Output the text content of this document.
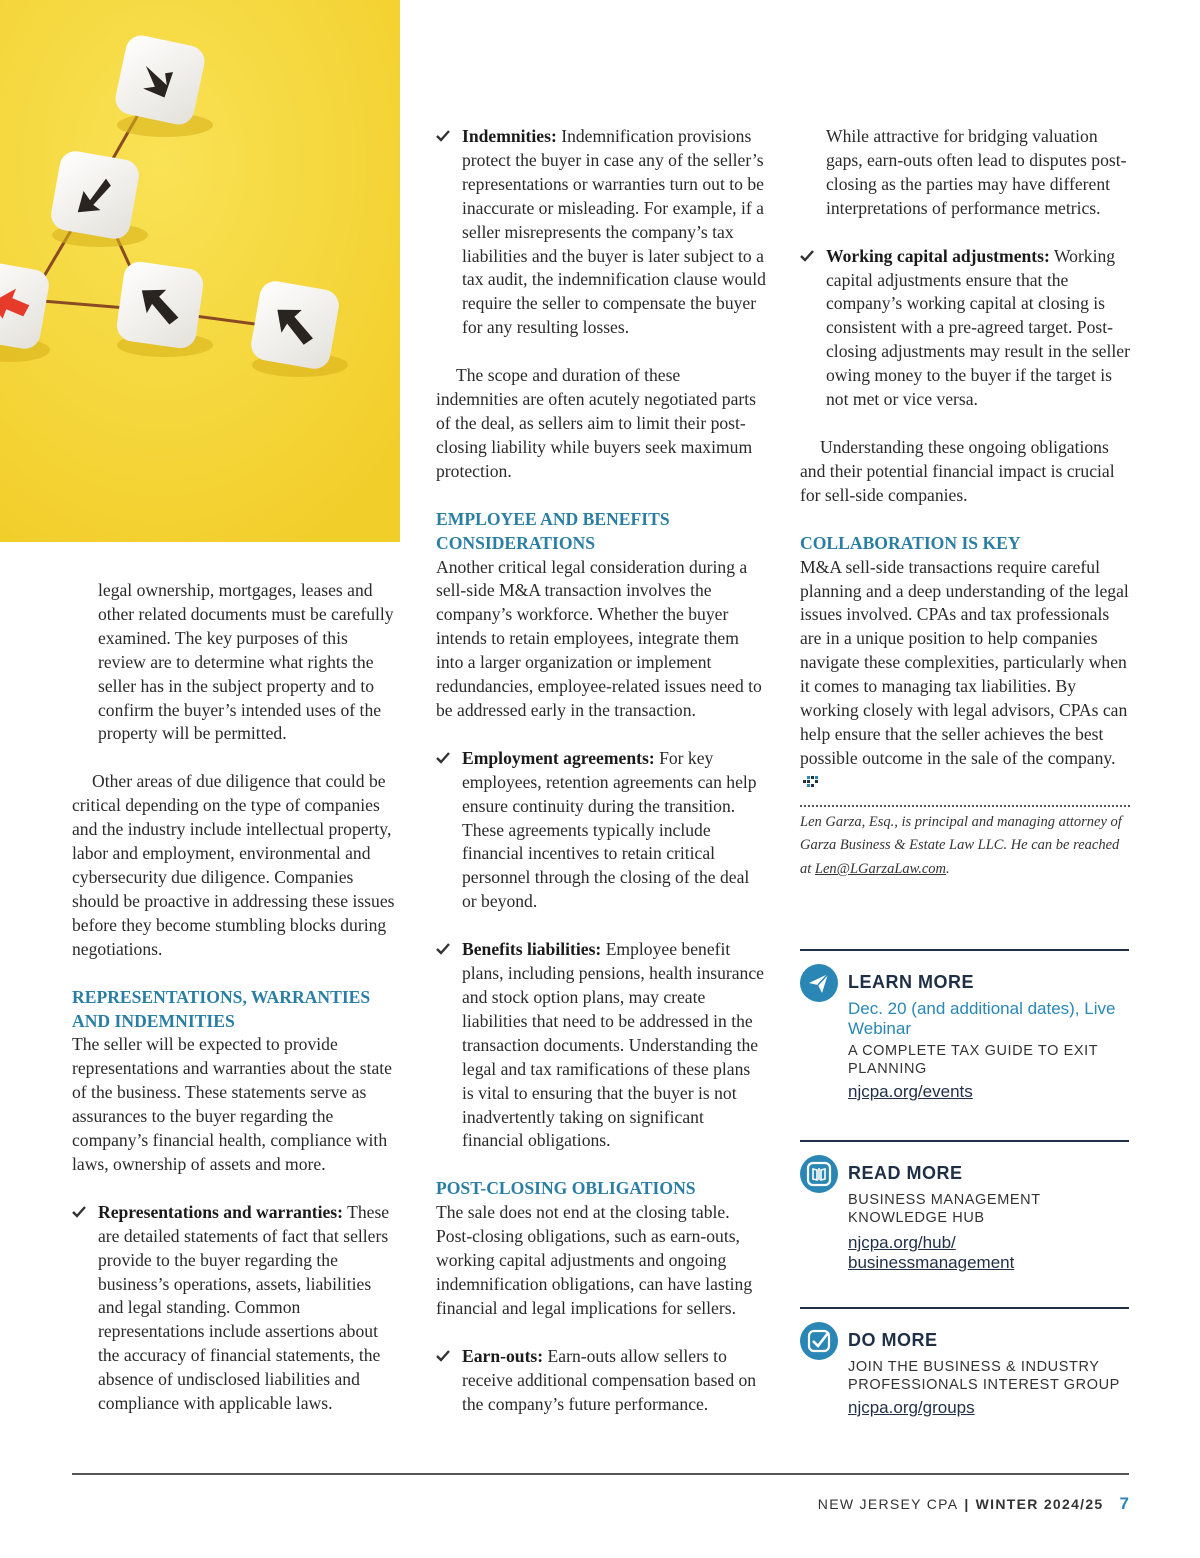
legal ownership, mortgages, leases and other related documents must be carefully examined. The key purposes of this review are to determine what rights the seller has in the subject property and to confirm the buyer’s intended uses of the property will be permitted.

Other areas of due diligence that could be critical depending on the type of companies and the industry include intellectual property, labor and employment, environmental and cybersecurity due diligence. Companies should be proactive in addressing these issues before they become stumbling blocks during negotiations.

REPRESENTATIONS, WARRANTIES AND INDEMNITIES

The seller will be expected to provide representations and warranties about the state of the business. These statements serve as assurances to the buyer regarding the company’s financial health, compliance with laws, ownership of assets and more.

Representations and warranties: These are detailed statements of fact that sellers provide to the buyer regarding the business’s operations, assets, liabilities and legal standing. Common representations include assertions about the accuracy of financial statements, the absence of undisclosed liabilities and compliance with applicable laws.
Indemnities: Indemnification provisions protect the buyer in case any of the seller’s representations or warranties turn out to be inaccurate or misleading. For example, if a seller misrepresents the company’s tax liabilities and the buyer is later subject to a tax audit, the indemnification clause would require the seller to compensate the buyer for any resulting losses.

The scope and duration of these indemnities are often acutely negotiated parts of the deal, as sellers aim to limit their post-closing liability while buyers seek maximum protection.

EMPLOYEE AND BENEFITS CONSIDERATIONS

Another critical legal consideration during a sell-side M&A transaction involves the company’s workforce. Whether the buyer intends to retain employees, integrate them into a larger organization or implement redundancies, employee-related issues need to be addressed early in the transaction.

Employment agreements: For key employees, retention agreements can help ensure continuity during the transition. These agreements typically include financial incentives to retain critical personnel through the closing of the deal or beyond.
Benefits liabilities: Employee benefit plans, including pensions, health insurance and stock option plans, may create liabilities that need to be addressed in the transaction documents. Understanding the legal and tax ramifications of these plans is vital to ensuring that the buyer is not inadvertently taking on significant financial obligations.

POST-CLOSING OBLIGATIONS

The sale does not end at the closing table. Post-closing obligations, such as earn-outs, working capital adjustments and ongoing indemnification obligations, can have lasting financial and legal implications for sellers.

Earn-outs: Earn-outs allow sellers to receive additional compensation based on the company’s future performance.

While attractive for bridging valuation gaps, earn-outs often lead to disputes post-closing as the parties may have different interpretations of performance metrics.

Working capital adjustments: Working capital adjustments ensure that the company’s working capital at closing is consistent with a pre-agreed target. Post-closing adjustments may result in the seller owing money to the buyer if the target is not met or vice versa.

Understanding these ongoing obligations and their potential financial impact is crucial for sell-side companies.

COLLABORATION IS KEY

M&A sell-side transactions require careful planning and a deep understanding of the legal issues involved. CPAs and tax professionals are in a unique position to help companies navigate these complexities, particularly when it comes to managing tax liabilities. By working closely with legal advisors, CPAs can help ensure that the seller achieves the best possible outcome in the sale of the company.

Len Garza, Esq., is principal and managing attorney of Garza Business & Estate Law LLC. He can be reached at Len@LGarzaLaw.com.

LEARN MORE
Dec. 20 (and additional dates), Live Webinar
A COMPLETE TAX GUIDE TO EXIT PLANNING
njcpa.org/events
READ MORE
BUSINESS MANAGEMENT KNOWLEDGE HUB
njcpa.org/hub/
businessmanagement
DO MORE
JOIN THE BUSINESS & INDUSTRY PROFESSIONALS INTEREST GROUP
njcpa.org/groups
NEW JERSEY CPA | WINTER 2024/25 7
